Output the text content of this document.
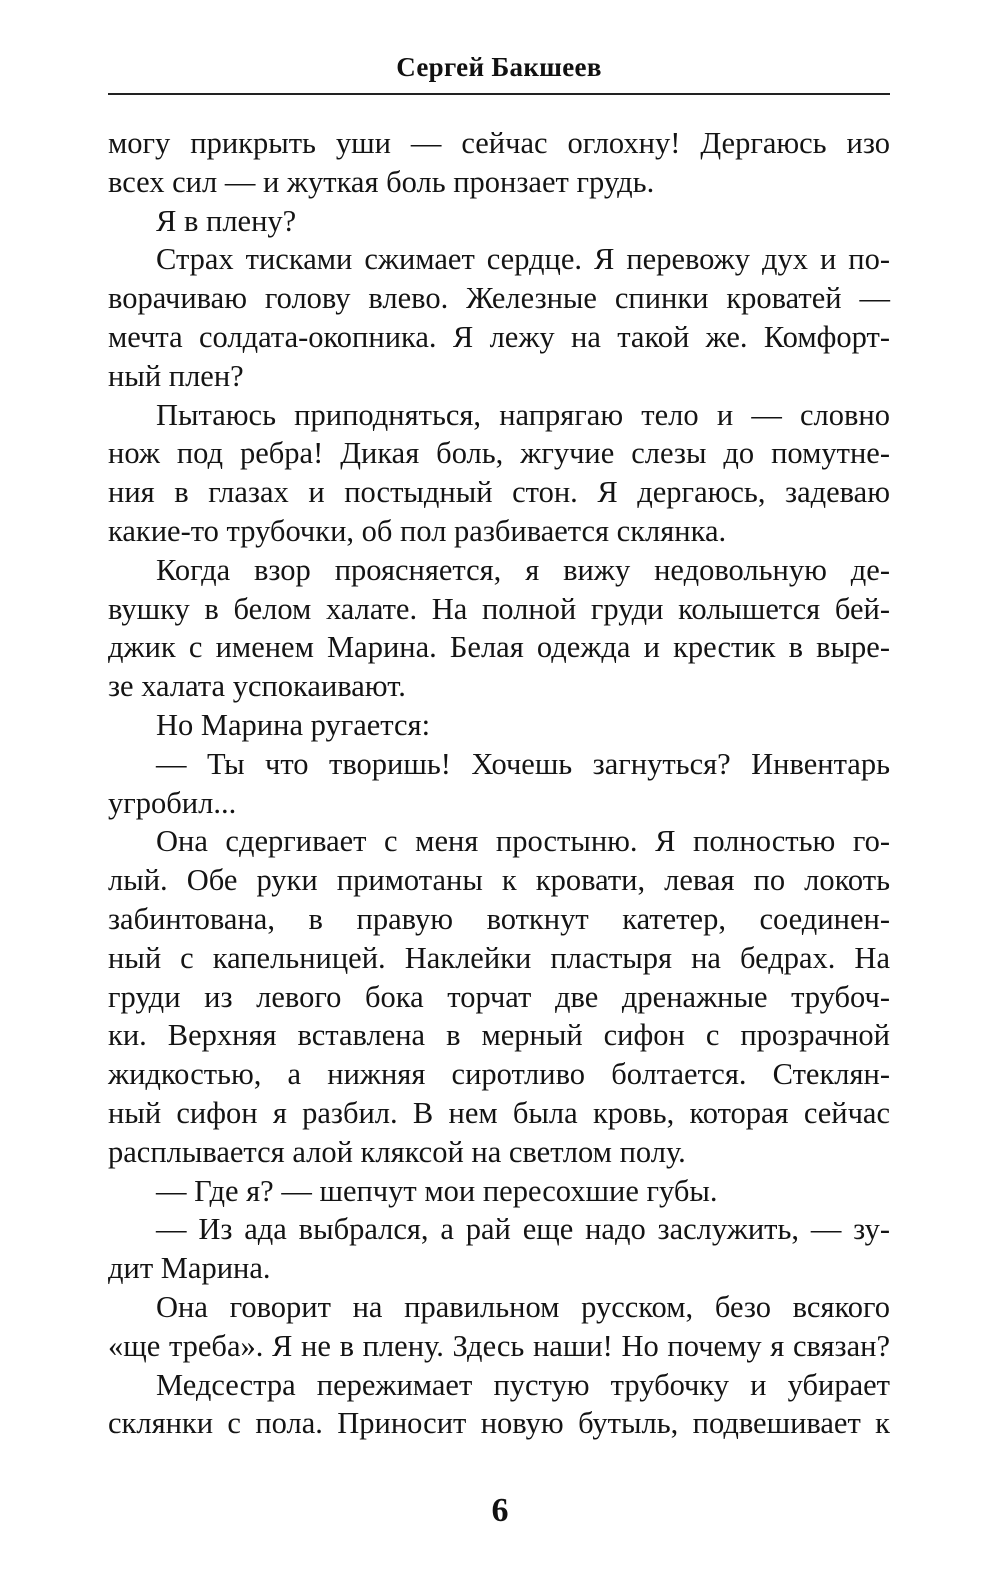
Сергей Бакшеев
могу прикрыть уши — сейчас оглохну! Дергаюсь изо
всех сил — и жуткая боль пронзает грудь.
Я в плену?
Страх тисками сжимает сердце. Я перевожу дух и по-
ворачиваю голову влево. Железные спинки кроватей —
мечта солдата-окопника. Я лежу на такой же. Комфорт-
ный плен?
Пытаюсь приподняться, напрягаю тело и — словно
нож под ребра! Дикая боль, жгучие слезы до помутне-
ния в глазах и постыдный стон. Я дергаюсь, задеваю
какие-то трубочки, об пол разбивается склянка.
Когда взор проясняется, я вижу недовольную де-
вушку в белом халате. На полной груди колышется бей-
джик с именем Марина. Белая одежда и крестик в выре-
зе халата успокаивают.
Но Марина ругается:
— Ты что творишь! Хочешь загнуться? Инвентарь
угробил...
Она сдергивает с меня простыню. Я полностью го-
лый. Обе руки примотаны к кровати, левая по локоть
забинтована, в правую воткнут катетер, соединен-
ный с капельницей. Наклейки пластыря на бедрах. На
груди из левого бока торчат две дренажные трубоч-
ки. Верхняя вставлена в мерный сифон с прозрачной
жидкостью, а нижняя сиротливо болтается. Стеклян-
ный сифон я разбил. В нем была кровь, которая сейчас
расплывается алой кляксой на светлом полу.
— Где я? — шепчут мои пересохшие губы.
— Из ада выбрался, а рай еще надо заслужить, — зу-
дит Марина.
Она говорит на правильном русском, безо всякого
«ще треба». Я не в плену. Здесь наши! Но почему я связан?
Медсестра пережимает пустую трубочку и убирает
склянки с пола. Приносит новую бутыль, подвешивает к
6
